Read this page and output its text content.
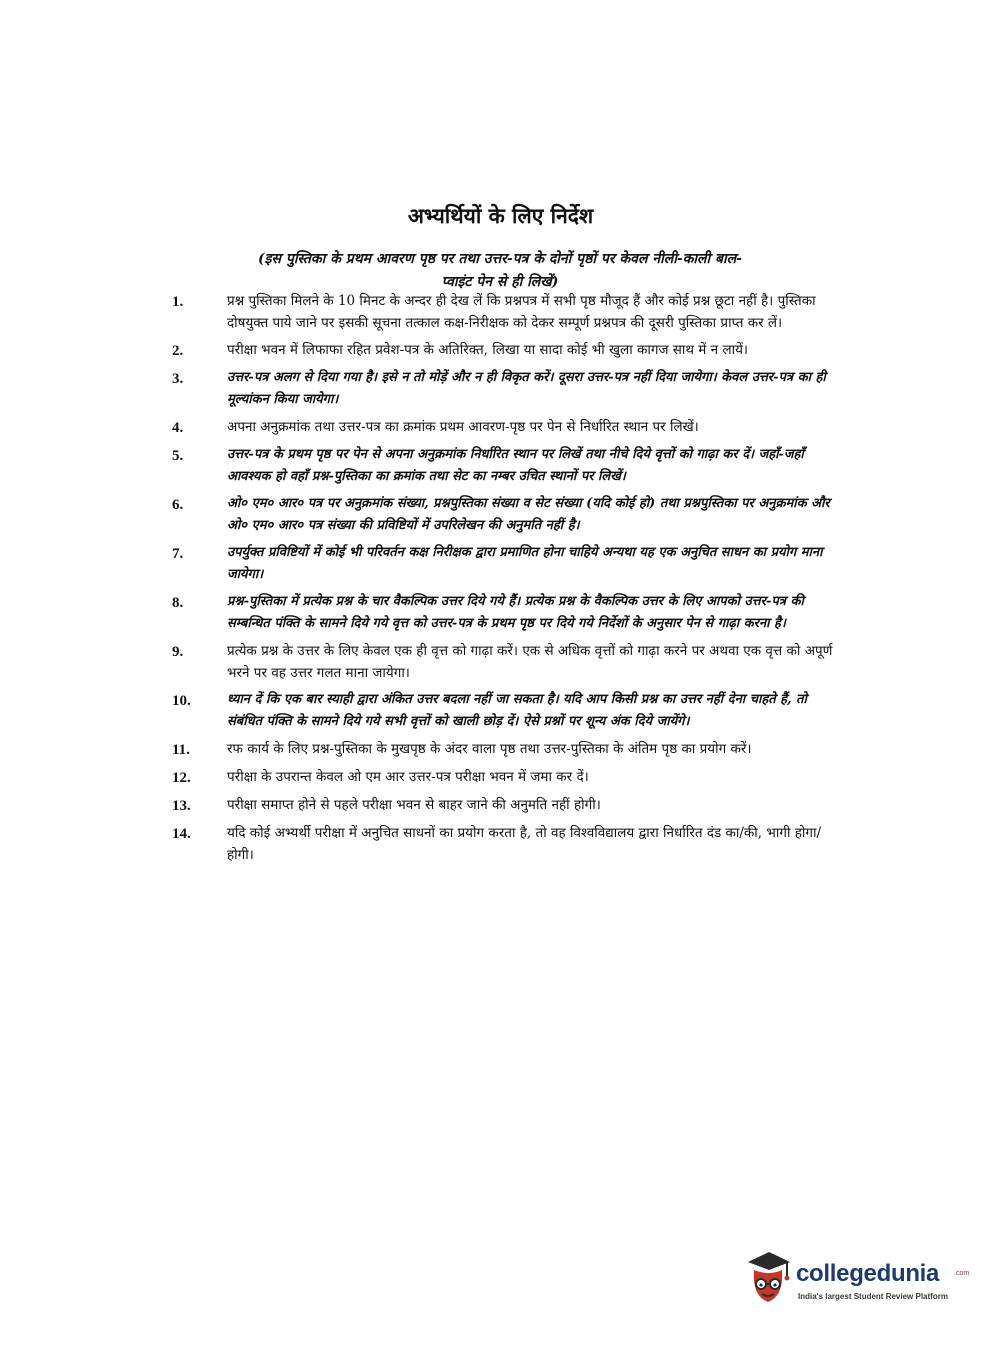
अभ्यर्थियों के लिए निर्देश
(इस पुस्तिका के प्रथम आवरण पृष्ठ पर तथा उत्तर-पत्र के दोनों पृष्ठों पर केवल नीली-काली बाल-प्वाइंट पेन से ही लिखें)
1.	प्रश्न पुस्तिका मिलने के 10 मिनट के अन्दर ही देख लें कि प्रश्नपत्र में सभी पृष्ठ मौजूद हैं और कोई प्रश्न छूटा नहीं है। पुस्तिका दोषयुक्त पाये जाने पर इसकी सूचना तत्काल कक्ष-निरीक्षक को देकर सम्पूर्ण प्रश्नपत्र की दूसरी पुस्तिका प्राप्त कर लें।
2.	परीक्षा भवन में लिफाफा रहित प्रवेश-पत्र के अतिरिक्त, लिखा या सादा कोई भी खुला कागज साथ में न लायें।
3.	उत्तर-पत्र अलग से दिया गया है। इसे न तो मोड़ें और न ही विकृत करें। दूसरा उत्तर-पत्र नहीं दिया जायेगा। केवल उत्तर-पत्र का ही मूल्यांकन किया जायेगा।
4.	अपना अनुक्रमांक तथा उत्तर-पत्र का क्रमांक प्रथम आवरण-पृष्ठ पर पेन से निर्धारित स्थान पर लिखें।
5.	उत्तर-पत्र के प्रथम पृष्ठ पर पेन से अपना अनुक्रमांक निर्धारित स्थान पर लिखें तथा नीचे दिये वृत्तों को गाढ़ा कर दें। जहाँ-जहाँ आवश्यक हो वहाँ प्रश्न-पुस्तिका का क्रमांक तथा सेट का नम्बर उचित स्थानों पर लिखें।
6.	ओ० एम० आर० पत्र पर अनुक्रमांक संख्या, प्रश्नपुस्तिका संख्या व सेट संख्या (यदि कोई हो) तथा प्रश्नपुस्तिका पर अनुक्रमांक और ओ० एम० आर० पत्र संख्या की प्रविष्टियों में उपरिलेखन की अनुमति नहीं है।
7.	उपर्युक्त प्रविष्टियों में कोई भी परिवर्तन कक्ष निरीक्षक द्वारा प्रमाणित होना चाहिये अन्यथा यह एक अनुचित साधन का प्रयोग माना जायेगा।
8.	प्रश्न-पुस्तिका में प्रत्येक प्रश्न के चार वैकल्पिक उत्तर दिये गये हैं। प्रत्येक प्रश्न के वैकल्पिक उत्तर के लिए आपको उत्तर-पत्र की सम्बन्धित पंक्ति के सामने दिये गये वृत्त को उत्तर-पत्र के प्रथम पृष्ठ पर दिये गये निर्देशों के अनुसार पेन से गाढ़ा करना है।
9.	प्रत्येक प्रश्न के उत्तर के लिए केवल एक ही वृत्त को गाढ़ा करें। एक से अधिक वृत्तों को गाढ़ा करने पर अथवा एक वृत्त को अपूर्ण भरने पर वह उत्तर गलत माना जायेगा।
10.	ध्यान दें कि एक बार स्याही द्वारा अंकित उत्तर बदला नहीं जा सकता है। यदि आप किसी प्रश्न का उत्तर नहीं देना चाहते हैं, तो संबंधित पंक्ति के सामने दिये गये सभी वृत्तों को खाली छोड़ दें। ऐसे प्रश्नों पर शून्य अंक दिये जायेंगे।
11.	रफ कार्य के लिए प्रश्न-पुस्तिका के मुखपृष्ठ के अंदर वाला पृष्ठ तथा उत्तर-पुस्तिका के अंतिम पृष्ठ का प्रयोग करें।
12.	परीक्षा के उपरान्त केवल ओ एम आर उत्तर-पत्र परीक्षा भवन में जमा कर दें।
13.	परीक्षा समाप्त होने से पहले परीक्षा भवन से बाहर जाने की अनुमति नहीं होगी।
14.	यदि कोई अभ्यर्थी परीक्षा में अनुचित साधनों का प्रयोग करता है, तो वह विश्वविद्यालय द्वारा निर्धारित दंड का/की, भागी होगा/होगी।
collegedunia .com
India's largest Student Review Platform
